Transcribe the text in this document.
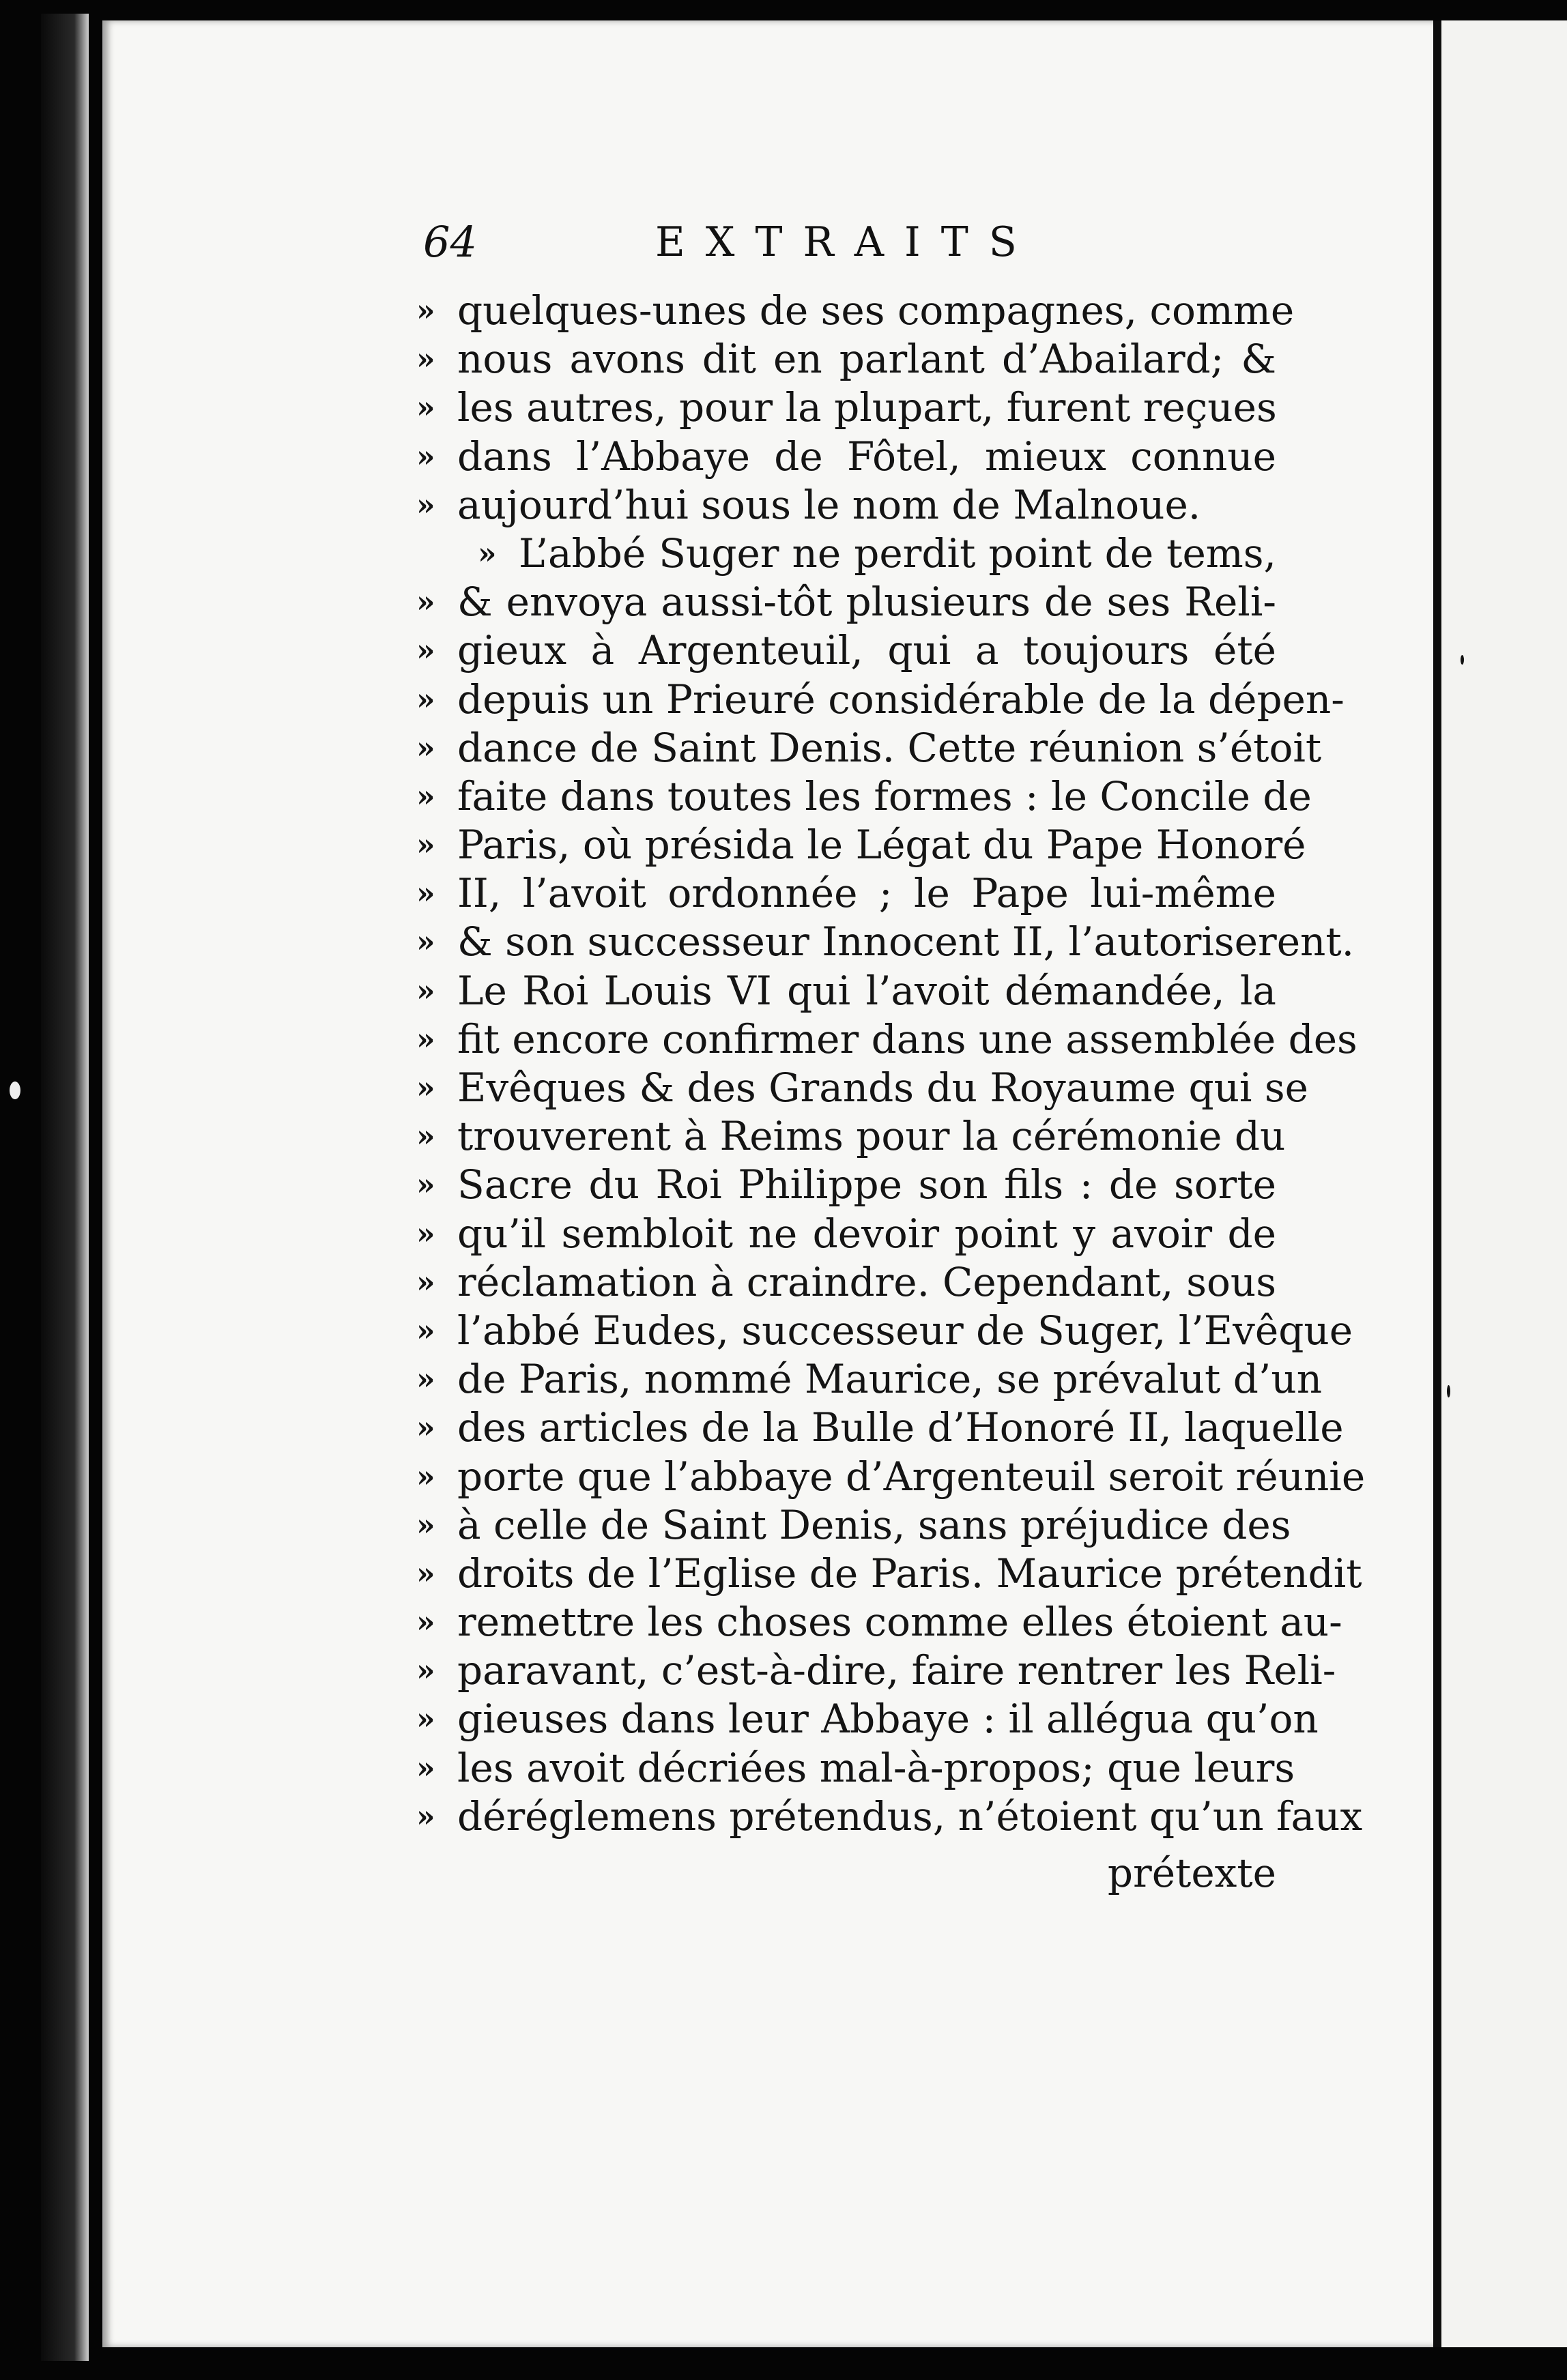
64	EXTRAITS
» quelques-unes de ses compagnes, comme
» nous avons dit en parlant d’Abailard; &
» les autres, pour la plupart, furent reçues
» dans l’Abbaye de Fôtel, mieux connue
» aujourd’hui sous le nom de Malnoue.
» L’abbé Suger ne perdit point de tems,
» & envoya aussi-tôt plusieurs de ses Reli-
» gieux à Argenteuil, qui a toujours été
» depuis un Prieuré considérable de la dépen-
» dance de Saint Denis. Cette réunion s’étoit
» faite dans toutes les formes : le Concile de
» Paris, où présida le Légat du Pape Honoré
» II, l’avoit ordonnée ; le Pape lui-même
» & son successeur Innocent II, l’autoriserent.
» Le Roi Louis VI qui l’avoit démandée, la
» fit encore confirmer dans une assemblée des
» Evêques & des Grands du Royaume qui se
» trouverent à Reims pour la cérémonie du
» Sacre du Roi Philippe son fils : de sorte
» qu’il sembloit ne devoir point y avoir de
» réclamation à craindre. Cependant, sous
» l’abbé Eudes, successeur de Suger, l’Evêque
» de Paris, nommé Maurice, se prévalut d’un
» des articles de la Bulle d’Honoré II, laquelle
» porte que l’abbaye d’Argenteuil seroit réunie
» à celle de Saint Denis, sans préjudice des
» droits de l’Eglise de Paris. Maurice prétendit
» remettre les choses comme elles étoient au-
» paravant, c’est-à-dire, faire rentrer les Reli-
» gieuses dans leur Abbaye : il allégua qu’on
» les avoit décriées mal-à-propos; que leurs
» déréglemens prétendus, n’étoient qu’un faux
prétexte
